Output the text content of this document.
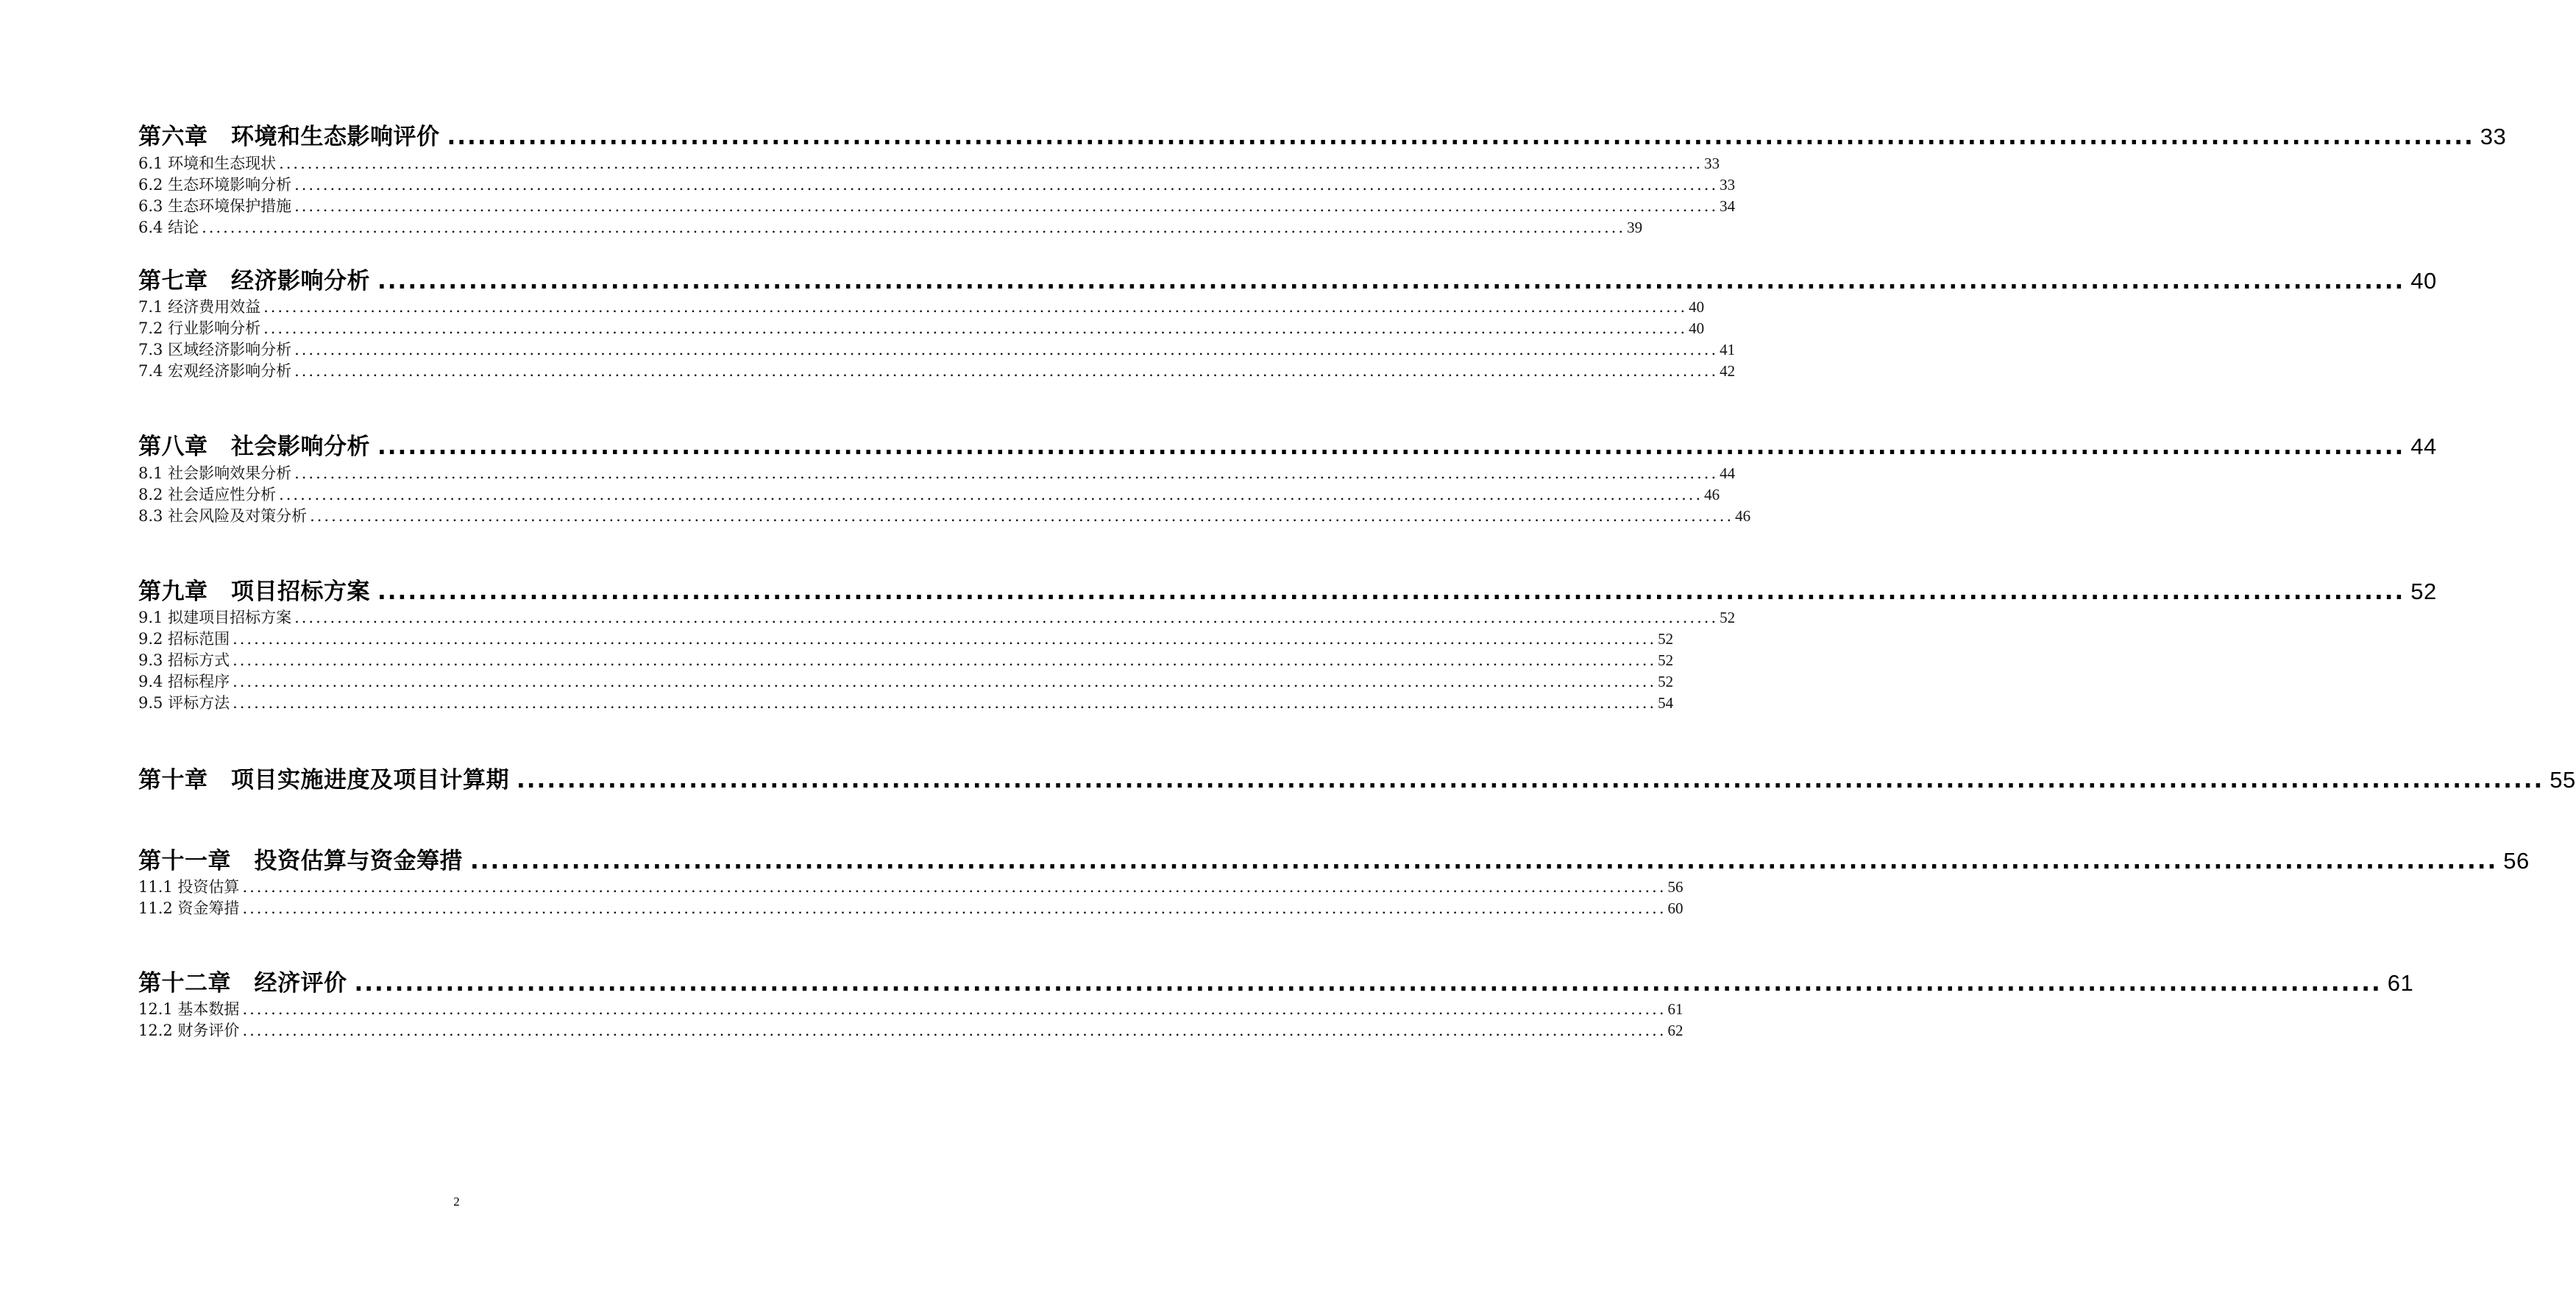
第六章　环境和生态影响评价 ........................................................................................................................................................................................................ 33
6.1 环境和生态现状 ........................................................................................................................................................................................................ 33
6.2 生态环境影响分析 ........................................................................................................................................................................................................ 33
6.3 生态环境保护措施 ........................................................................................................................................................................................................ 34
6.4 结论 ........................................................................................................................................................................................................ 39
第七章　经济影响分析 ........................................................................................................................................................................................................ 40
7.1 经济费用效益 ........................................................................................................................................................................................................ 40
7.2 行业影响分析 ........................................................................................................................................................................................................ 40
7.3 区域经济影响分析 ........................................................................................................................................................................................................ 41
7.4 宏观经济影响分析 ........................................................................................................................................................................................................ 42
第八章　社会影响分析 ........................................................................................................................................................................................................ 44
8.1 社会影响效果分析 ........................................................................................................................................................................................................ 44
8.2 社会适应性分析 ........................................................................................................................................................................................................ 46
8.3 社会风险及对策分析 ........................................................................................................................................................................................................ 46
第九章　项目招标方案 ........................................................................................................................................................................................................ 52
9.1 拟建项目招标方案 ........................................................................................................................................................................................................ 52
9.2 招标范围 ........................................................................................................................................................................................................ 52
9.3 招标方式 ........................................................................................................................................................................................................ 52
9.4 招标程序 ........................................................................................................................................................................................................ 52
9.5 评标方法 ........................................................................................................................................................................................................ 54
第十章　项目实施进度及项目计算期 ........................................................................................................................................................................................................ 55
第十一章　投资估算与资金筹措 ........................................................................................................................................................................................................ 56
11.1 投资估算 ........................................................................................................................................................................................................ 56
11.2 资金筹措 ........................................................................................................................................................................................................ 60
第十二章　经济评价 ........................................................................................................................................................................................................ 61
12.1 基本数据 ........................................................................................................................................................................................................ 61
12.2 财务评价 ........................................................................................................................................................................................................ 62
2
